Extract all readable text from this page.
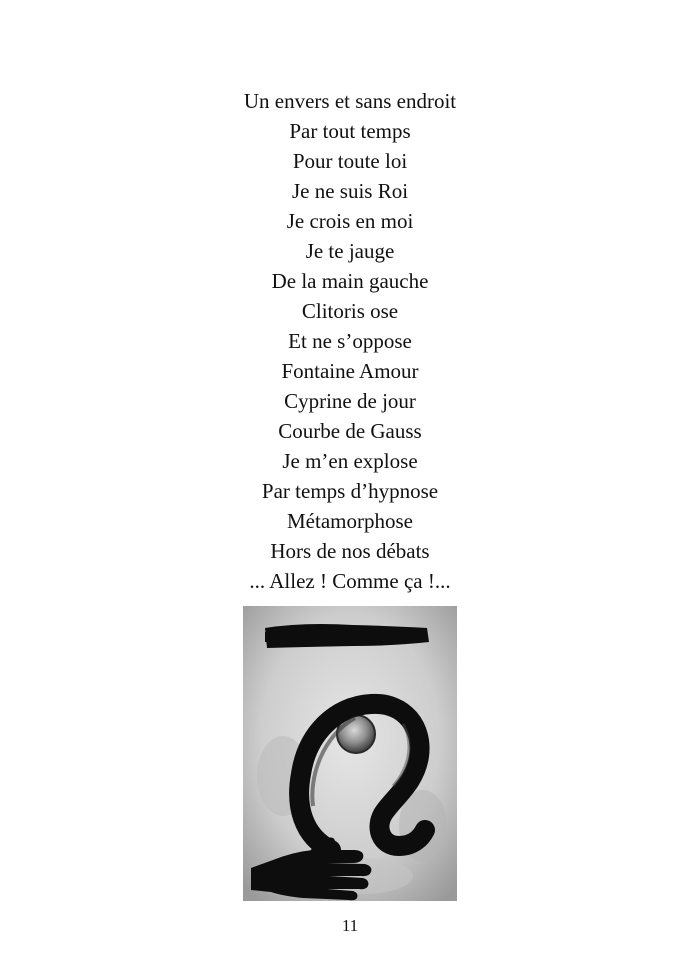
Un envers et sans endroit
Par tout temps
Pour toute loi
Je ne suis Roi
Je crois en moi
Je te jauge
De la main gauche
Clitoris ose
Et ne s’oppose
Fontaine Amour
Cyprine de jour
Courbe de Gauss
Je m’en explose
Par temps d’hypnose
Métamorphose
Hors de nos débats
... Allez ! Comme ça !...
11
